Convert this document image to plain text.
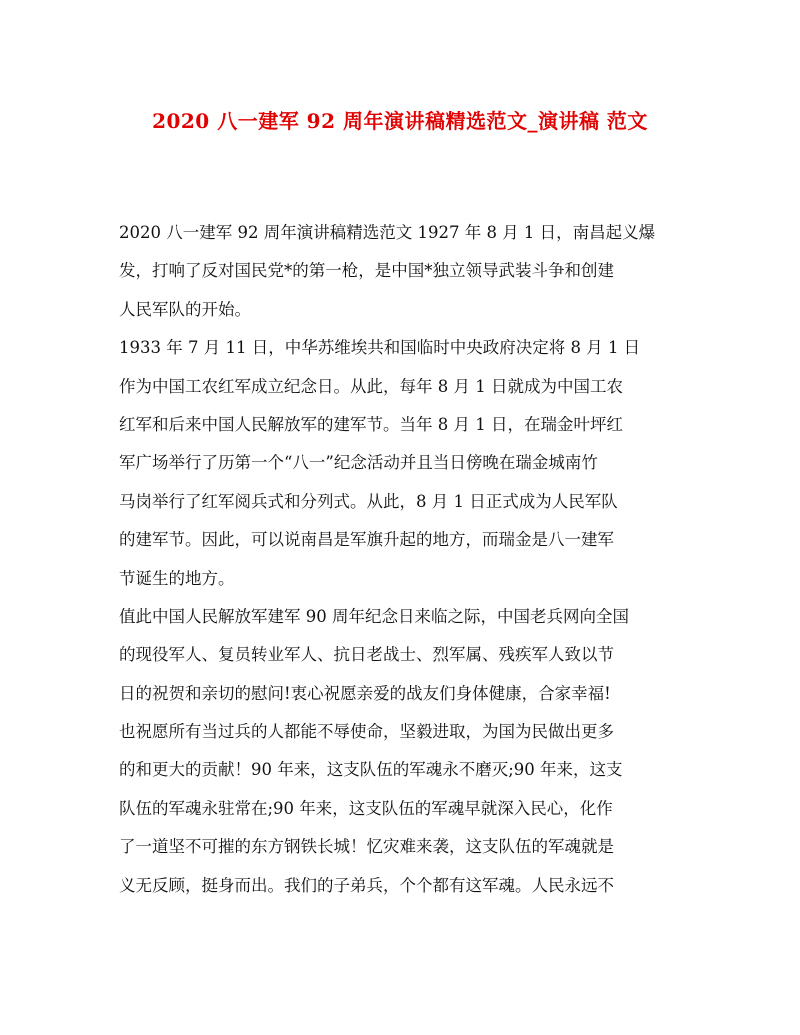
2020 八一建军 92 周年演讲稿精选范文_演讲稿 范文

2020 八一建军 92 周年演讲稿精选范文 1927 年 8 月 1 日，南昌起义爆

发，打响了反对国民党*的第一枪，是中国*独立领导武装斗争和创建

人民军队的开始。

1933 年 7 月 11 日，中华苏维埃共和国临时中央政府决定将 8 月 1 日

作为中国工农红军成立纪念日。从此，每年 8 月 1 日就成为中国工农

红军和后来中国人民解放军的建军节。当年 8 月 1 日，在瑞金叶坪红

军广场举行了历第一个“八一”纪念活动并且当日傍晚在瑞金城南竹

马岗举行了红军阅兵式和分列式。从此，8 月 1 日正式成为人民军队

的建军节。因此，可以说南昌是军旗升起的地方，而瑞金是八一建军

节诞生的地方。

值此中国人民解放军建军 90 周年纪念日来临之际，中国老兵网向全国

的现役军人、复员转业军人、抗日老战士、烈军属、残疾军人致以节

日的祝贺和亲切的慰问!衷心祝愿亲爱的战友们身体健康，合家幸福!

也祝愿所有当过兵的人都能不辱使命，坚毅进取，为国为民做出更多

的和更大的贡献！90 年来，这支队伍的军魂永不磨灭;90 年来，这支

队伍的军魂永驻常在;90 年来，这支队伍的军魂早就深入民心，化作

了一道坚不可摧的东方钢铁长城！忆灾难来袭，这支队伍的军魂就是

义无反顾，挺身而出。我们的子弟兵，个个都有这军魂。人民永远不
